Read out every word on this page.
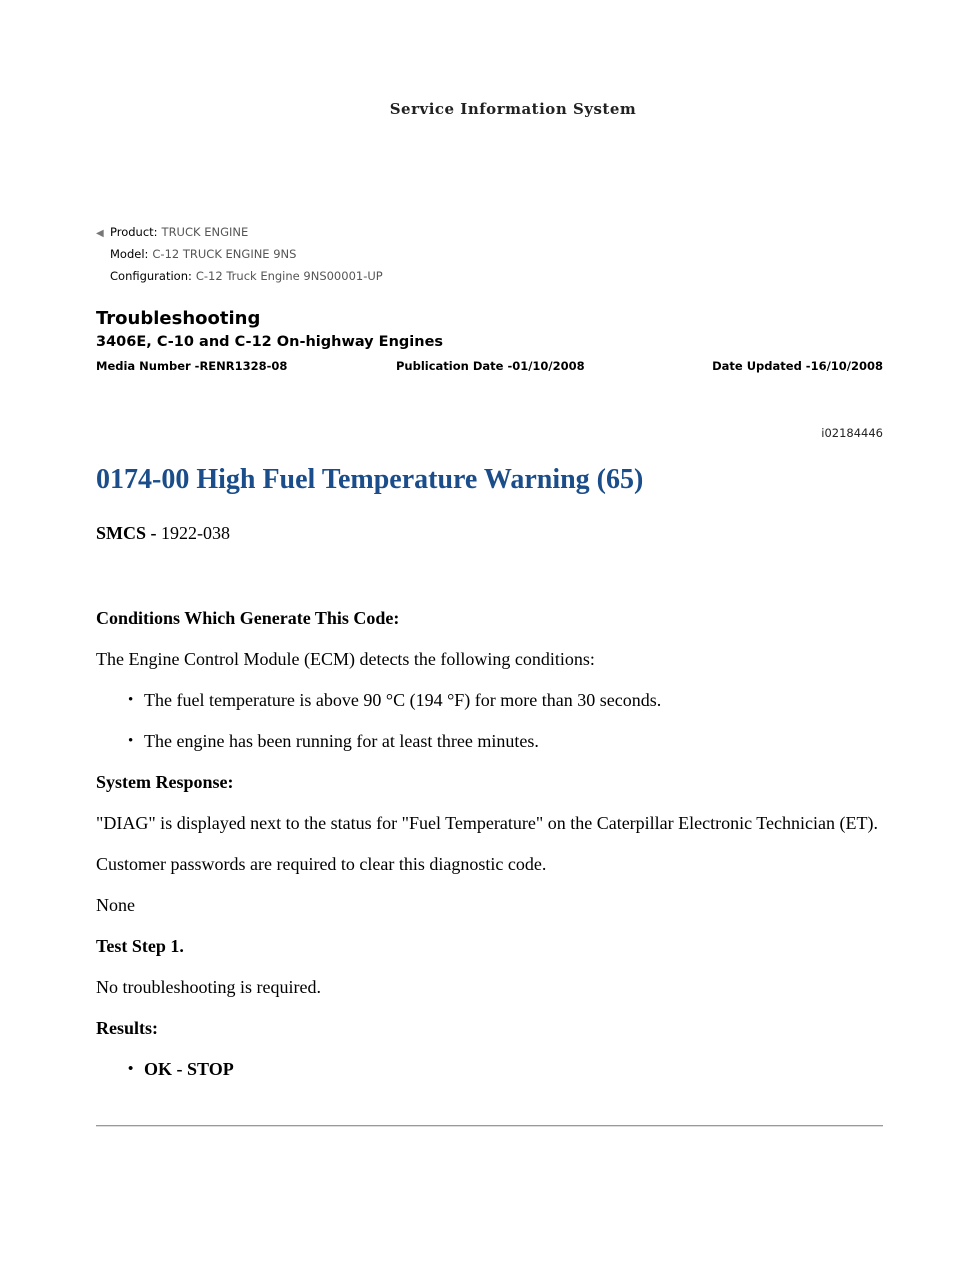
Service Information System
◀ Product: TRUCK ENGINE
Model: C-12 TRUCK ENGINE 9NS
Configuration: C-12 Truck Engine 9NS00001-UP
Troubleshooting
3406E, C-10 and C-12 On-highway Engines
Media Number -RENR1328-08	Publication Date -01/10/2008	Date Updated -16/10/2008
i02184446
0174-00 High Fuel Temperature Warning (65)
SMCS - 1922-038

Conditions Which Generate This Code:

The Engine Control Module (ECM) detects the following conditions:

• The fuel temperature is above 90 °C (194 °F) for more than 30 seconds.
• The engine has been running for at least three minutes.

System Response:

"DIAG" is displayed next to the status for "Fuel Temperature" on the Caterpillar Electronic Technician (ET).

Customer passwords are required to clear this diagnostic code.

None

Test Step 1.

No troubleshooting is required.

Results:

• OK - STOP
